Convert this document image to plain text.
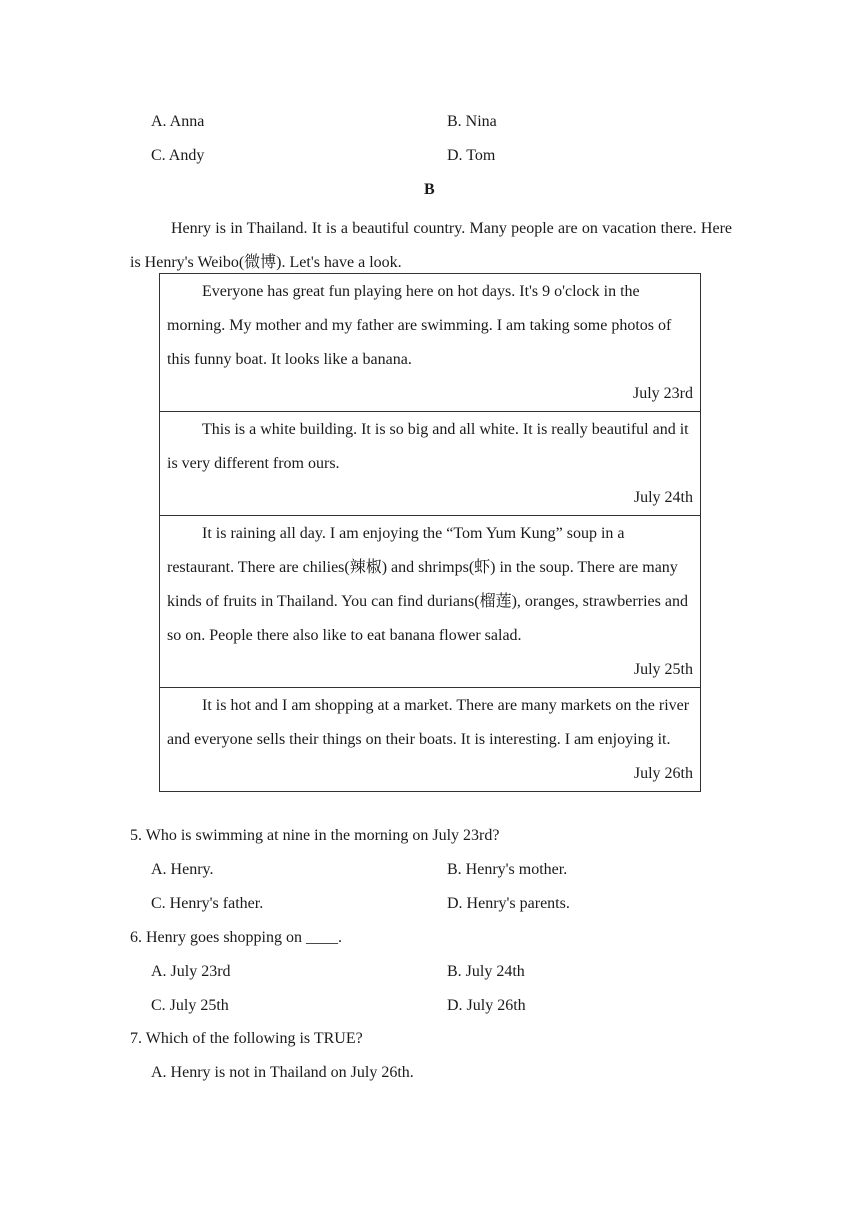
A. Anna	B. Nina
C. Andy	D. Tom
B
Henry is in Thailand. It is a beautiful country. Many people are on vacation there. Here is Henry's Weibo(微博). Let's have a look.
Everyone has great fun playing here on hot days. It's 9 o'clock in the morning. My mother and my father are swimming. I am taking some photos of this funny boat. It looks like a banana.
July 23rd
This is a white building. It is so big and all white. It is really beautiful and it is very different from ours.
July 24th
It is raining all day. I am enjoying the “Tom Yum Kung” soup in a restaurant. There are chilies(辣椒) and shrimps(虾) in the soup. There are many kinds of fruits in Thailand. You can find durians(榴莲), oranges, strawberries and so on. People there also like to eat banana flower salad.
July 25th
It is hot and I am shopping at a market. There are many markets on the river and everyone sells their things on their boats. It is interesting. I am enjoying it.
July 26th
5. Who is swimming at nine in the morning on July 23rd?
A. Henry.	B. Henry's mother.
C. Henry's father.	D. Henry's parents.
6. Henry goes shopping on ____.
A. July 23rd	B. July 24th
C. July 25th	D. July 26th
7. Which of the following is TRUE?
A. Henry is not in Thailand on July 26th.
